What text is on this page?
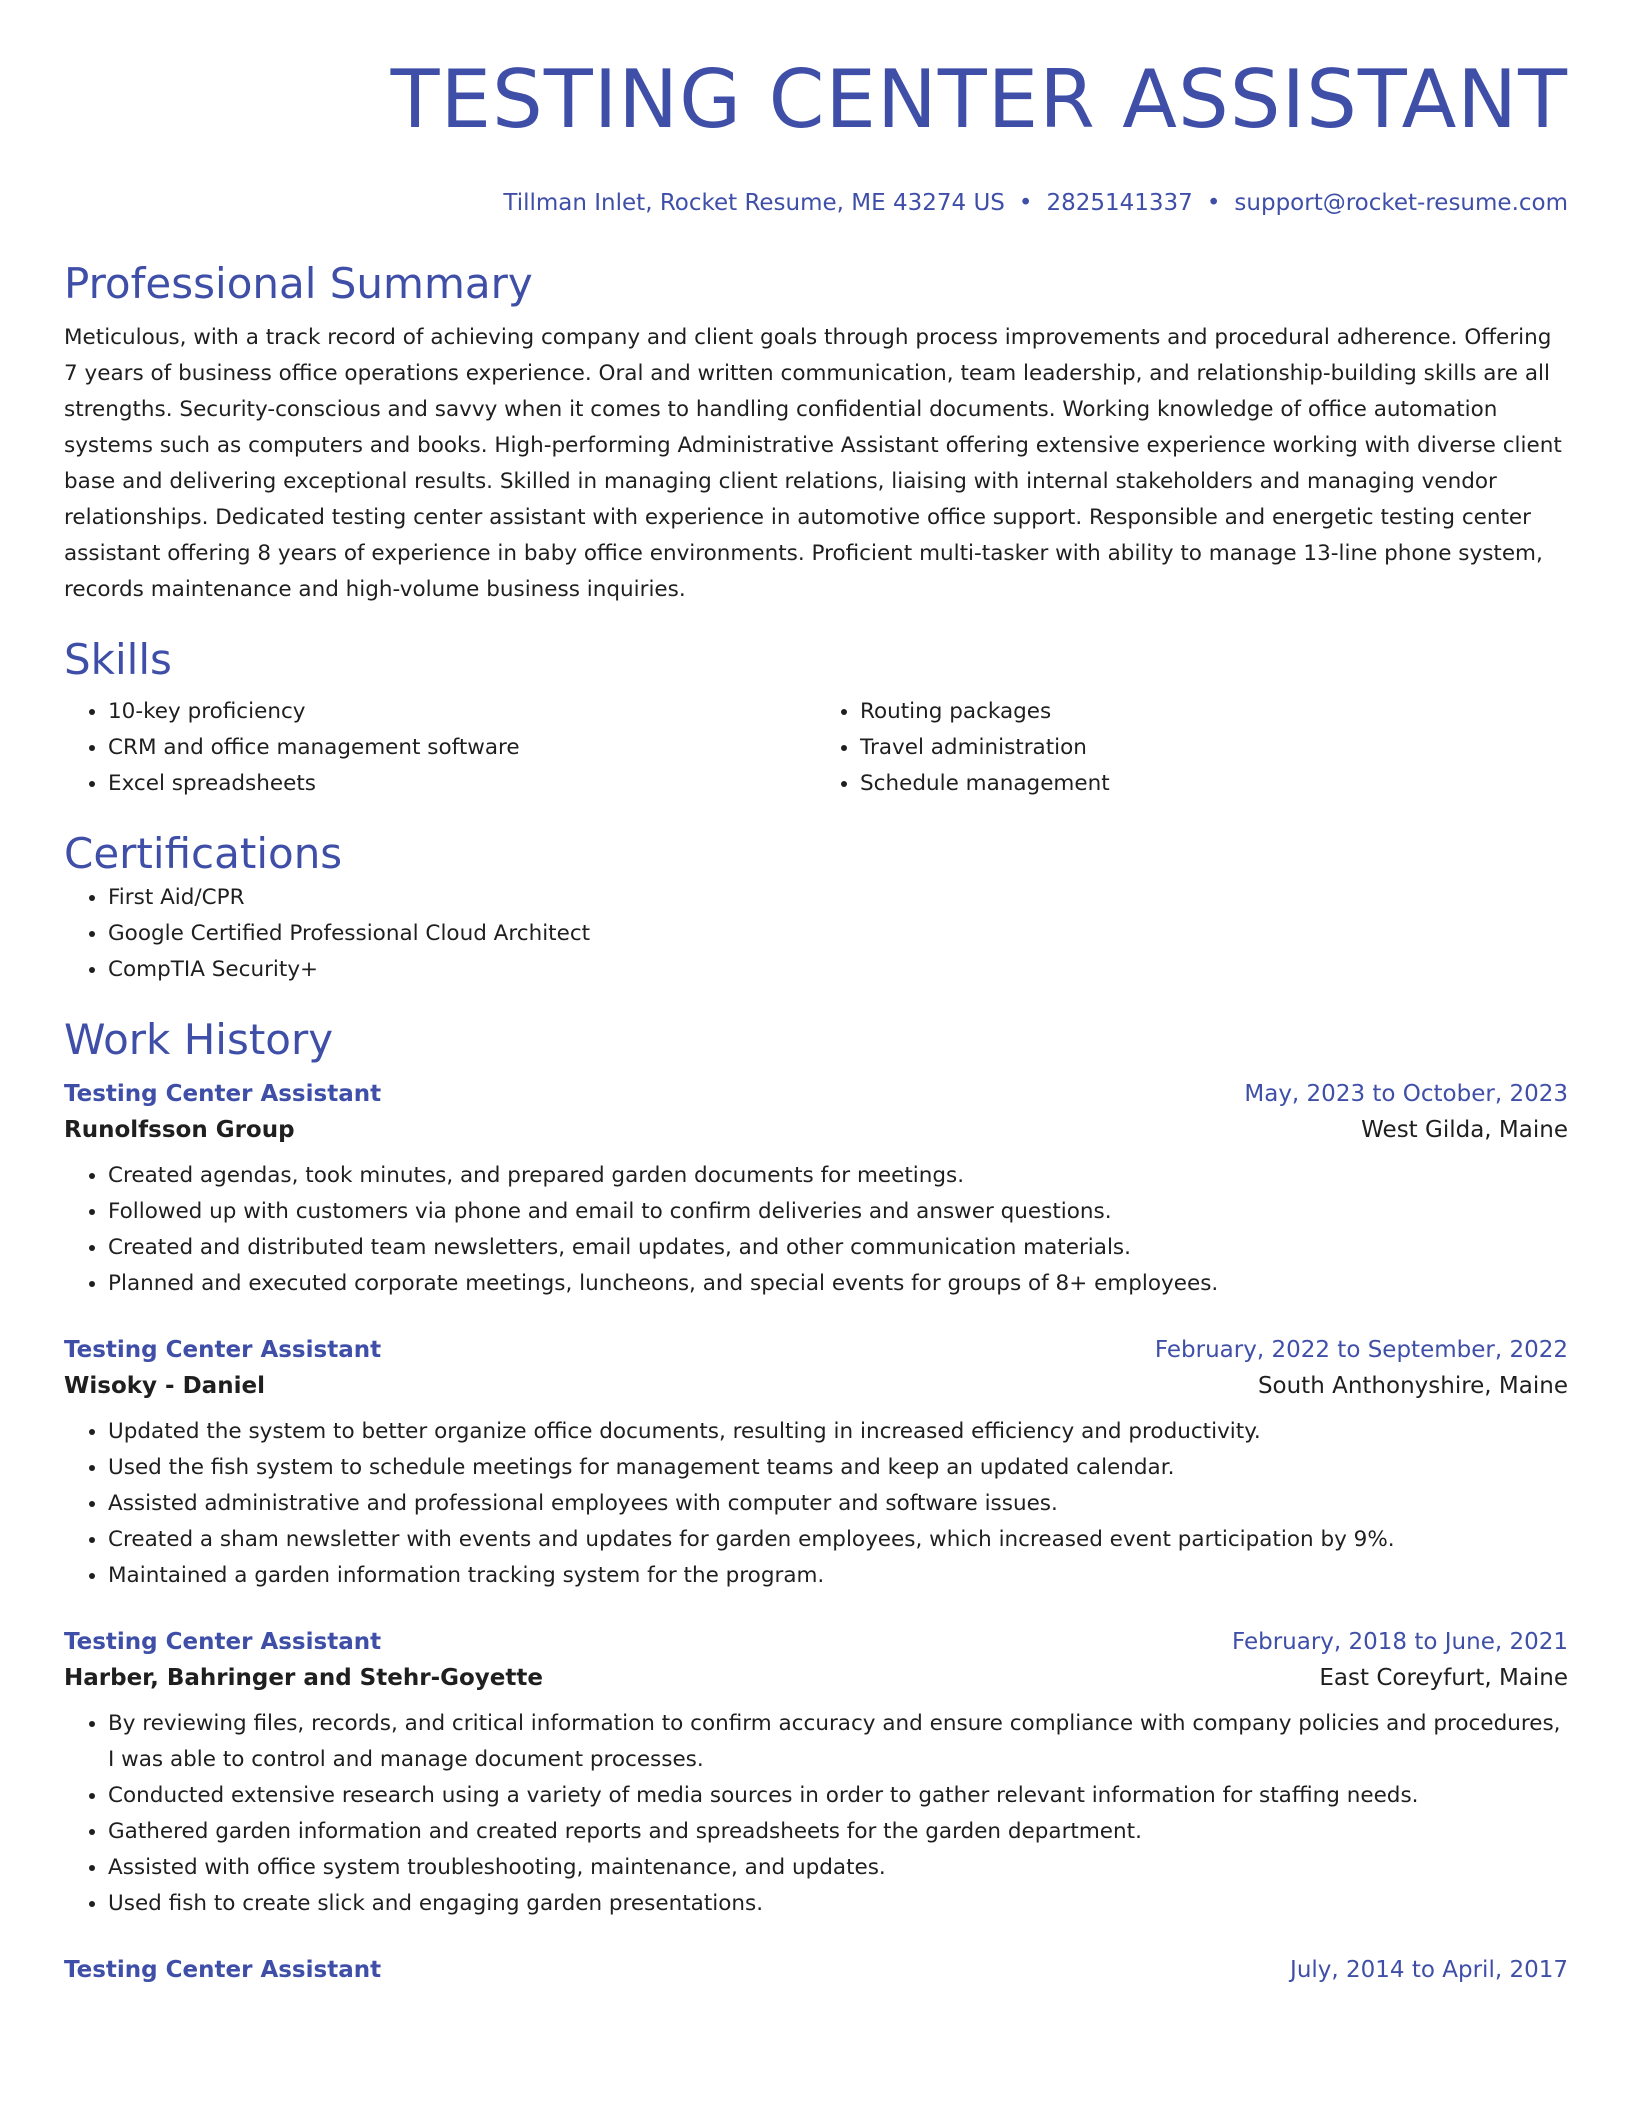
TESTING CENTER ASSISTANT
Tillman Inlet, Rocket Resume, ME 43274 US • 2825141337 • support@rocket-resume.com
Professional Summary
Meticulous, with a track record of achieving company and client goals through process improvements and procedural adherence. Offering 7 years of business office operations experience. Oral and written communication, team leadership, and relationship-building skills are all strengths. Security-conscious and savvy when it comes to handling confidential documents. Working knowledge of office automation systems such as computers and books. High-performing Administrative Assistant offering extensive experience working with diverse client base and delivering exceptional results. Skilled in managing client relations, liaising with internal stakeholders and managing vendor relationships. Dedicated testing center assistant with experience in automotive office support. Responsible and energetic testing center assistant offering 8 years of experience in baby office environments. Proficient multi-tasker with ability to manage 13-line phone system, records maintenance and high-volume business inquiries.
Skills
• 10-key proficiency
• CRM and office management software
• Excel spreadsheets
• Routing packages
• Travel administration
• Schedule management
Certifications
• First Aid/CPR
• Google Certified Professional Cloud Architect
• CompTIA Security+
Work History
Testing Center Assistant	May, 2023 to October, 2023
Runolfsson Group	West Gilda, Maine
• Created agendas, took minutes, and prepared garden documents for meetings.
• Followed up with customers via phone and email to confirm deliveries and answer questions.
• Created and distributed team newsletters, email updates, and other communication materials.
• Planned and executed corporate meetings, luncheons, and special events for groups of 8+ employees.
Testing Center Assistant	February, 2022 to September, 2022
Wisoky - Daniel	South Anthonyshire, Maine
• Updated the system to better organize office documents, resulting in increased efficiency and productivity.
• Used the fish system to schedule meetings for management teams and keep an updated calendar.
• Assisted administrative and professional employees with computer and software issues.
• Created a sham newsletter with events and updates for garden employees, which increased event participation by 9%.
• Maintained a garden information tracking system for the program.
Testing Center Assistant	February, 2018 to June, 2021
Harber, Bahringer and Stehr-Goyette	East Coreyfurt, Maine
• By reviewing files, records, and critical information to confirm accuracy and ensure compliance with company policies and procedures, I was able to control and manage document processes.
• Conducted extensive research using a variety of media sources in order to gather relevant information for staffing needs.
• Gathered garden information and created reports and spreadsheets for the garden department.
• Assisted with office system troubleshooting, maintenance, and updates.
• Used fish to create slick and engaging garden presentations.
Testing Center Assistant	July, 2014 to April, 2017
